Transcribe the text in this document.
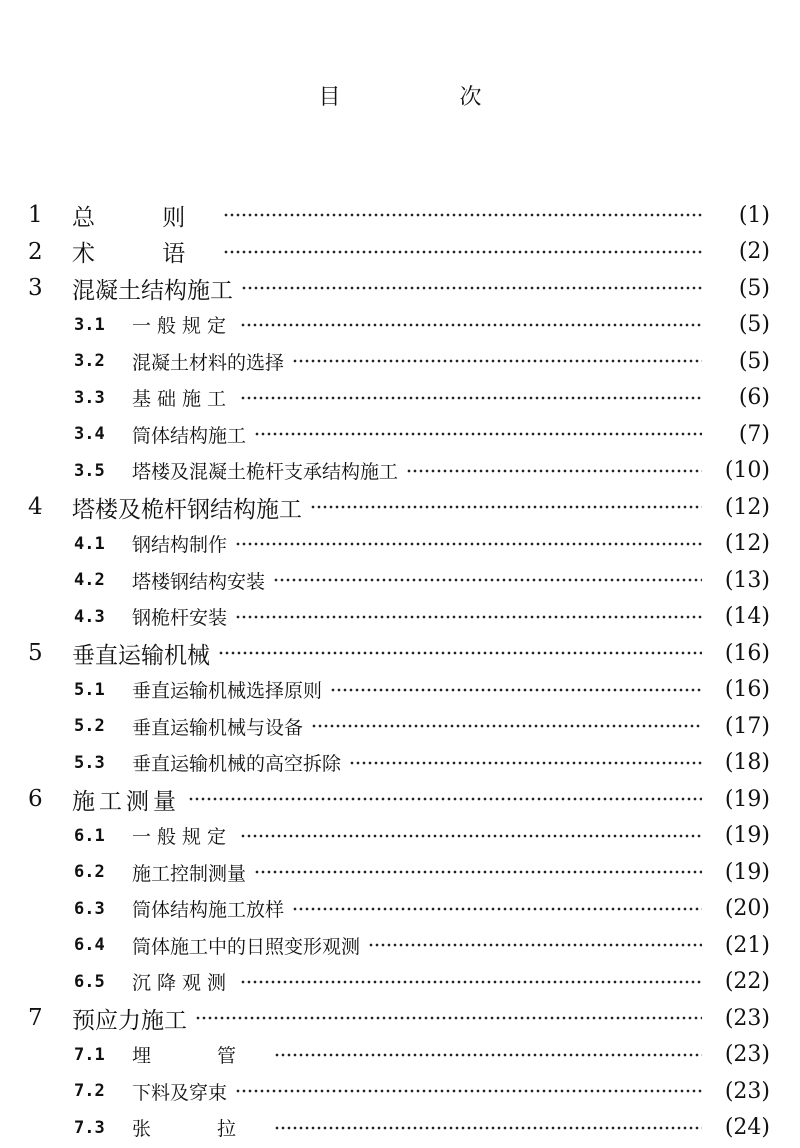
目 次
1	总 则	(1)
2	术 语	(2)
3	混凝土结构施工	(5)
3.1	一般规定	(5)
3.2	混凝土材料的选择	(5)
3.3	基础施工	(6)
3.4	筒体结构施工	(7)
3.5	塔楼及混凝土桅杆支承结构施工	(10)
4	塔楼及桅杆钢结构施工	(12)
4.1	钢结构制作	(12)
4.2	塔楼钢结构安装	(13)
4.3	钢桅杆安装	(14)
5	垂直运输机械	(16)
5.1	垂直运输机械选择原则	(16)
5.2	垂直运输机械与设备	(17)
5.3	垂直运输机械的高空拆除	(18)
6	施工测量	(19)
6.1	一般规定	(19)
6.2	施工控制测量	(19)
6.3	筒体结构施工放样	(20)
6.4	筒体施工中的日照变形观测	(21)
6.5	沉降观测	(22)
7	预应力施工	(23)
7.1	埋 管	(23)
7.2	下料及穿束	(23)
7.3	张 拉	(24)
